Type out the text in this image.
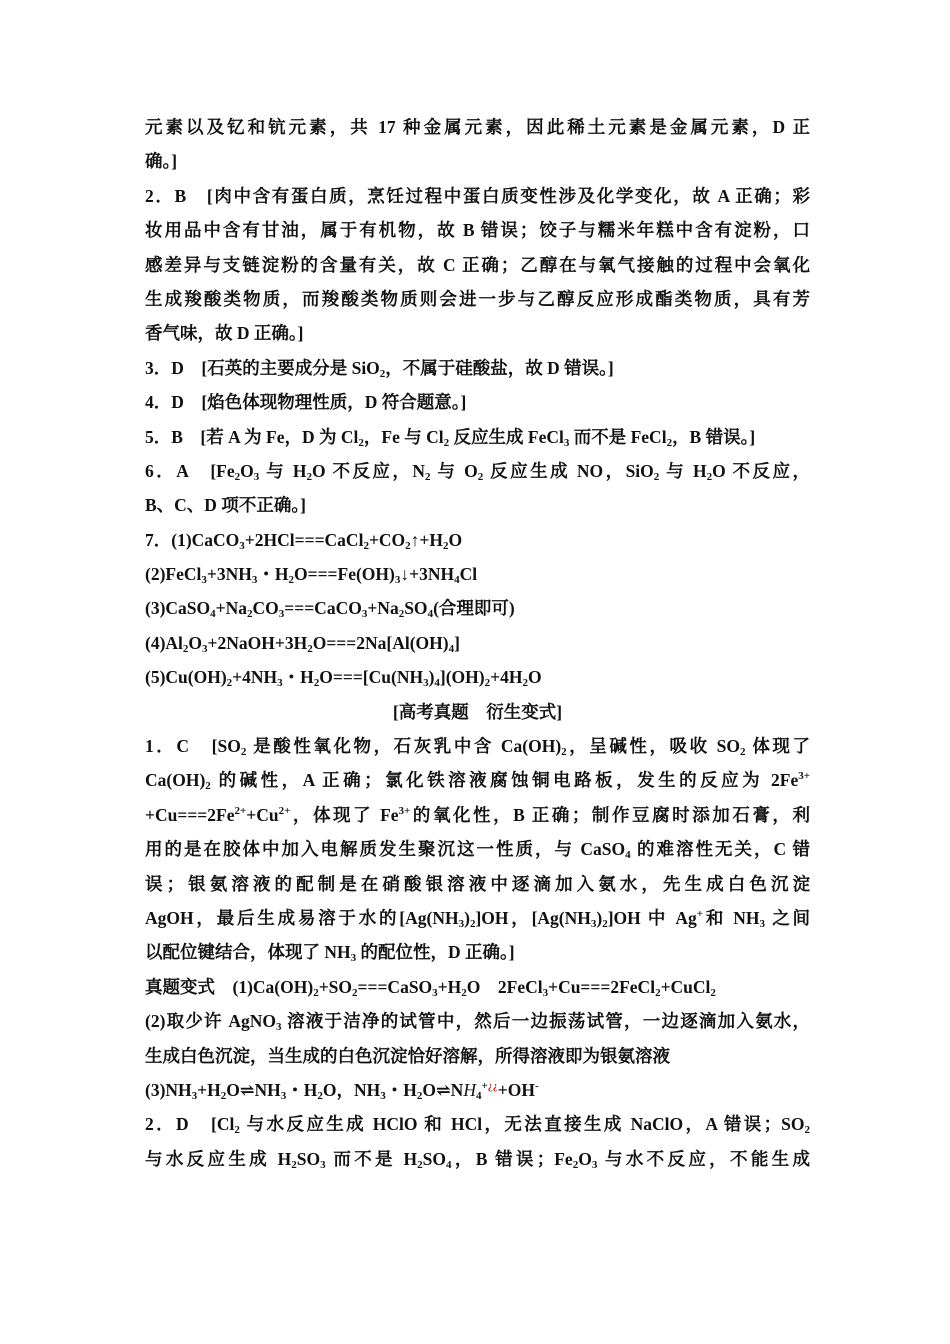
元素以及钇和钪元素，共 17 种金属元素，因此稀土元素是金属元素，D 正
确。]
2．B　[肉中含有蛋白质，烹饪过程中蛋白质变性涉及化学变化，故 A 正确；彩
妆用品中含有甘油，属于有机物，故 B 错误；饺子与糯米年糕中含有淀粉，口
感差异与支链淀粉的含量有关，故 C 正确；乙醇在与氧气接触的过程中会氧化
生成羧酸类物质，而羧酸类物质则会进一步与乙醇反应形成酯类物质，具有芳
香气味，故 D 正确。]
3．D　[石英的主要成分是 SiO$_2$，不属于硅酸盐，故 D 错误。]
4．D　[焰色体现物理性质，D 符合题意。]
5．B　[若 A 为 Fe，D 为 $Cl_2$，Fe 与 $Cl_2$ 反应生成 FeCl$_3$ 而不是 FeCl$_2$，B 错误。]
6．A　[$Fe_2O_3$ 与 $H_2O$ 不反应，$N_2$ 与 $O_2$ 反应生成 NO，SiO$_2$ 与 $H_2O$ 不反应，
B、C、D 项不正确。]
7．$(1)CaCO_3+2HCl===CaCl_2+CO_2↑+H_2O$
$(2)FeCl_3+3NH_3$・$H_2O===Fe(OH)_3↓+3NH_4Cl$
$(3)CaSO_4+Na_2CO_3===CaCO_3+Na_2SO_4$(合理即可)
$(4)Al_2O_3+2NaOH+3H_2O===2Na[Al(OH)_4]$
$(5)Cu(OH)_2+4NH_3$・$H_2O===[Cu(NH_3)_4](OH)_2+4H_2O$
[高考真题　衍生变式]
1．C　[$SO_2$ 是酸性氧化物，石灰乳中含 $Ca(OH)_2$，呈碱性，吸收 $SO_2$ 体现了
$Ca(OH)_2$ 的碱性，A 正确；氯化铁溶液腐蚀铜电路板，发生的反应为 $2Fe^{3+}$
$+Cu===2Fe^{2+}+Cu^{2+}$，体现了 $Fe^{3+}$的氧化性，B 正确；制作豆腐时添加石膏，利
用的是在胶体中加入电解质发生聚沉这一性质，与 CaSO$_4$ 的难溶性无关，C 错
误；银氨溶液的配制是在硝酸银溶液中逐滴加入氨水，先生成白色沉淀
AgOH，最后生成易溶于水的$[Ag(NH_3)_2]OH$，$[Ag(NH_3)_2]OH$ 中 Ag+和 $NH_3$ 之间
以配位键结合，体现了 $NH_3$ 的配位性，D 正确。]
真题变式　$(1)Ca(OH)_2+SO_2===CaSO_3+H_2O$　2FeCl$_3$+Cu===2FeCl$_2$+CuCl$_2$
(2)取少许 AgNO$_3$ 溶液于洁净的试管中，然后一边振荡试管，一边逐滴加入氨水，
生成白色沉淀，当生成的白色沉淀恰好溶解，所得溶液即为银氨溶液
$(3)NH_3+H_2O\rightleftharpoons NH_3$・$H_2O$，$NH_3$・$H_2O\rightleftharpoons NH_4^{+¿¿}+OH^-$
2．D　[$Cl_2$ 与水反应生成 HClO 和 HCl，无法直接生成 NaClO，A 错误；$SO_2$
与水反应生成 $H_2SO_3$ 而不是 $H_2SO_4$，B 错误；$Fe_2O_3$ 与水不反应，不能生成
